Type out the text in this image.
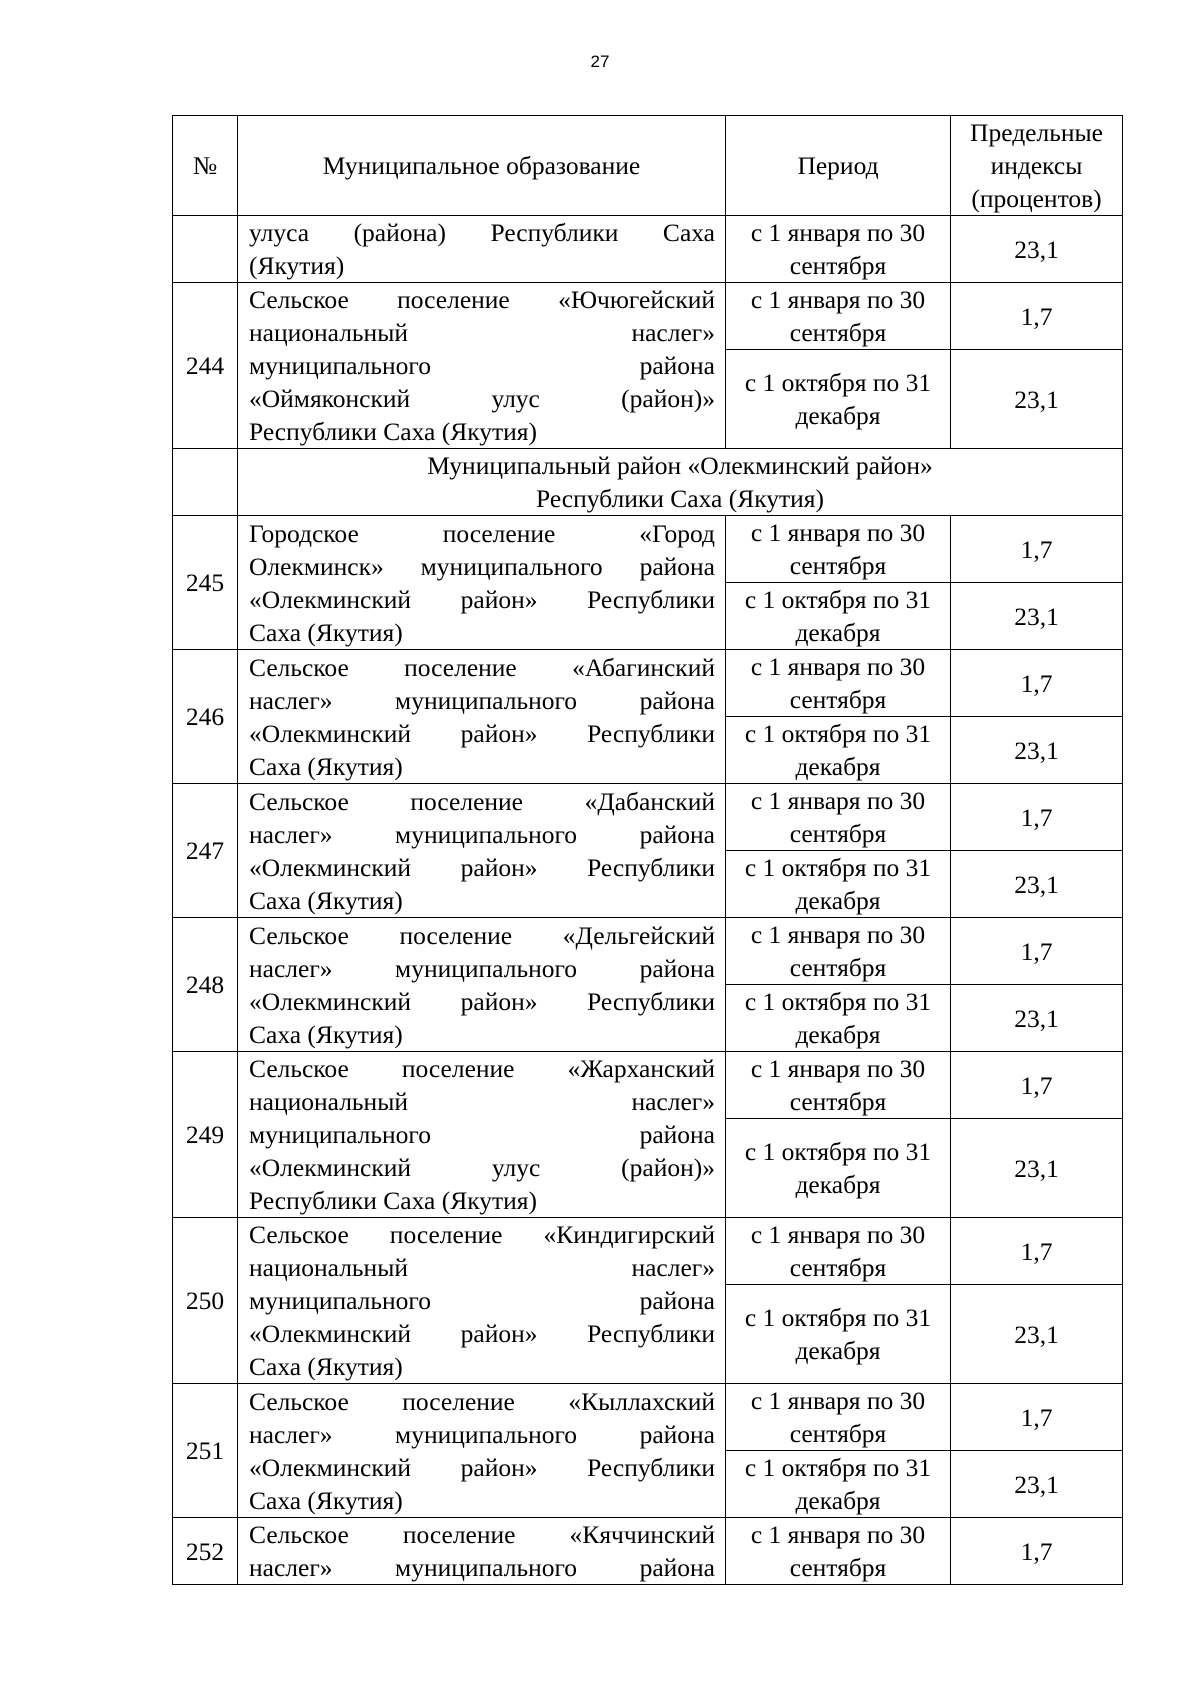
27
№	Муниципальное образование	Период	Предельные индексы (процентов)

	улуса (района) Республики Саха
(Якутия)	с 1 января по 30 сентября	23,1
244	Сельское поселение «Ючюгейский
национальный наслег»
муниципального района
«Оймяконский улус (район)»
Республики Саха (Якутия)	с 1 января по 30 сентября	1,7
		с 1 октября по 31 декабря	23,1

	Муниципальный район «Олекминский район»
Республики Саха (Якутия)		

245	Городское поселение «Город
Олекминск» муниципального района
«Олекминский район» Республики
Саха (Якутия)	с 1 января по 30 сентября	1,7
		с 1 октября по 31 декабря	23,1
246	Сельское поселение «Абагинский
наслег» муниципального района
«Олекминский район» Республики
Саха (Якутия)	с 1 января по 30 сентября	1,7
		с 1 октября по 31 декабря	23,1
247	Сельское поселение «Дабанский
наслег» муниципального района
«Олекминский район» Республики
Саха (Якутия)	с 1 января по 30 сентября	1,7
		с 1 октября по 31 декабря	23,1
248	Сельское поселение «Дельгейский
наслег» муниципального района
«Олекминский район» Республики
Саха (Якутия)	с 1 января по 30 сентября	1,7
		с 1 октября по 31 декабря	23,1
249	Сельское поселение «Жарханский
национальный наслег»
муниципального района
«Олекминский улус (район)»
Республики Саха (Якутия)	с 1 января по 30 сентября	1,7
		с 1 октября по 31 декабря	23,1
250	Сельское поселение «Киндигирский
национальный наслег»
муниципального района
«Олекминский район» Республики
Саха (Якутия)	с 1 января по 30 сентября	1,7
		с 1 октября по 31 декабря	23,1
251	Сельское поселение «Кыллахский
наслег» муниципального района
«Олекминский район» Республики
Саха (Якутия)	с 1 января по 30 сентября	1,7
		с 1 октября по 31 декабря	23,1
252	Сельское поселение «Кяччинский
наслег» муниципального района	с 1 января по 30 сентября	1,7
